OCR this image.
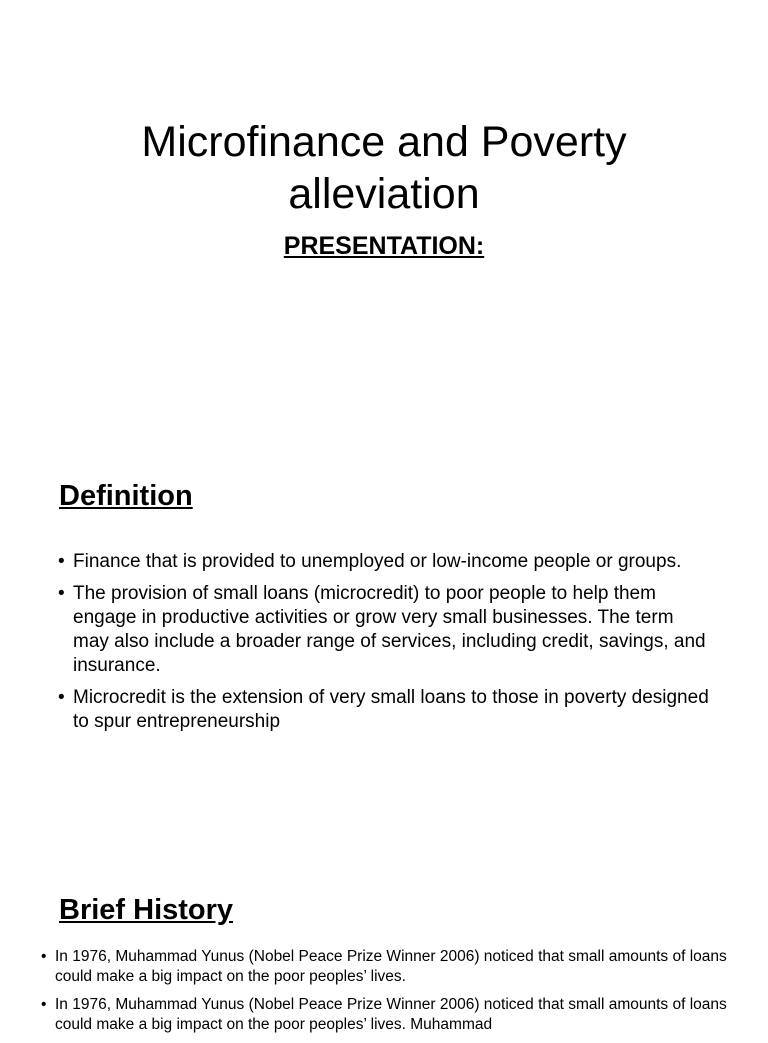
Microfinance and Poverty
alleviation
PRESENTATION:
Definition
• Finance that is provided to unemployed or low-income people or groups.
• The provision of small loans (microcredit) to poor people to help them engage in productive activities or grow very small businesses. The term may also include a broader range of services, including credit, savings, and insurance.
• Microcredit is the extension of very small loans to those in poverty designed to spur entrepreneurship
Brief History
• In 1976, Muhammad Yunus (Nobel Peace Prize Winner 2006) noticed that small amounts of loans could make a big impact on the poor peoples’ lives.
• In 1976, Muhammad Yunus (Nobel Peace Prize Winner 2006) noticed that small amounts of loans could make a big impact on the poor peoples’ lives. Muhammad
